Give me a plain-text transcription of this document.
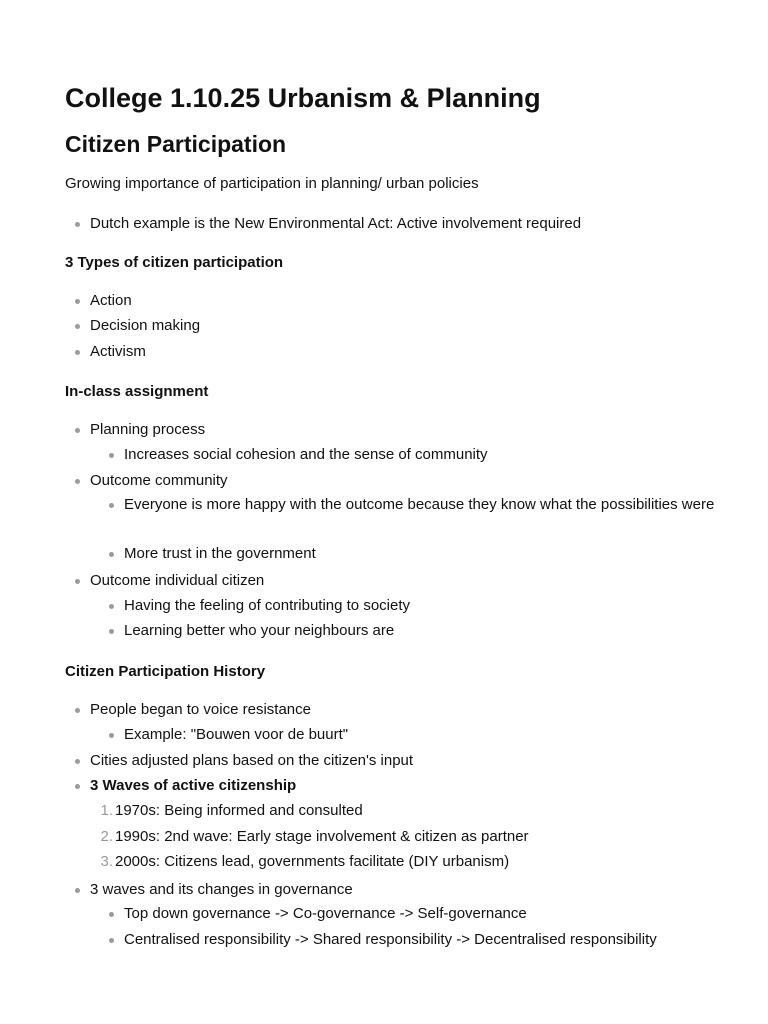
College 1.10.25 Urbanism & Planning
Citizen Participation

Growing importance of participation in planning/ urban policies

Dutch example is the New Environmental Act: Active involvement required

3 Types of citizen participation

Action

Decision making

Activism

In-class assignment

Planning process

Increases social cohesion and the sense of community

Outcome community

Everyone is more happy with the outcome because they know what the possibilities were

More trust in the government

Outcome individual citizen

Having the feeling of contributing to society

Learning better who your neighbours are

Citizen Participation History

People began to voice resistance

Example: "Bouwen voor de buurt"

Cities adjusted plans based on the citizen's input

3 Waves of active citizenship

1. 1970s: Being informed and consulted

2. 1990s: 2nd wave: Early stage involvement & citizen as partner

3. 2000s: Citizens lead, governments facilitate (DIY urbanism)

3 waves and its changes in governance

Top down governance -> Co-governance -> Self-governance

Centralised responsibility -> Shared responsibility -> Decentralised responsibility
